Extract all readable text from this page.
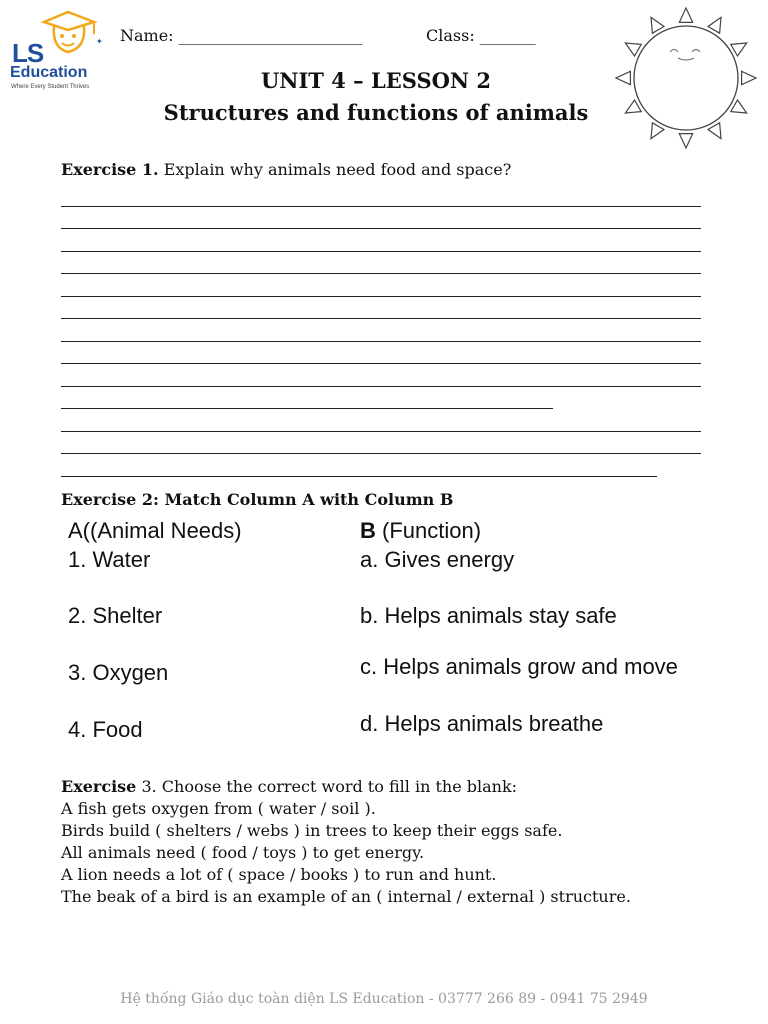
✦
LS
Education
Where Every Student Thrives
Name: _______________________	Class: _______
UNIT 4 – LESSON 2
Structures and functions of animals
Exercise 1. Explain why animals need food and space?
Exercise 2: Match Column A with Column B
A((Animal Needs)
1. Water
2. Shelter
3. Oxygen
4. Food
B (Function)
a. Gives energy
b. Helps animals stay safe
c. Helps animals grow and move
d. Helps animals breathe
Exercise 3. Choose the correct word to fill in the blank:
A fish gets oxygen from ( water / soil ).
Birds build ( shelters / webs ) in trees to keep their eggs safe.
All animals need ( food / toys ) to get energy.
A lion needs a lot of ( space / books ) to run and hunt.
The beak of a bird is an example of an ( internal / external ) structure.
Hệ thống Giáo dục toàn diện LS Education - 03777 266 89 - 0941 75 2949
